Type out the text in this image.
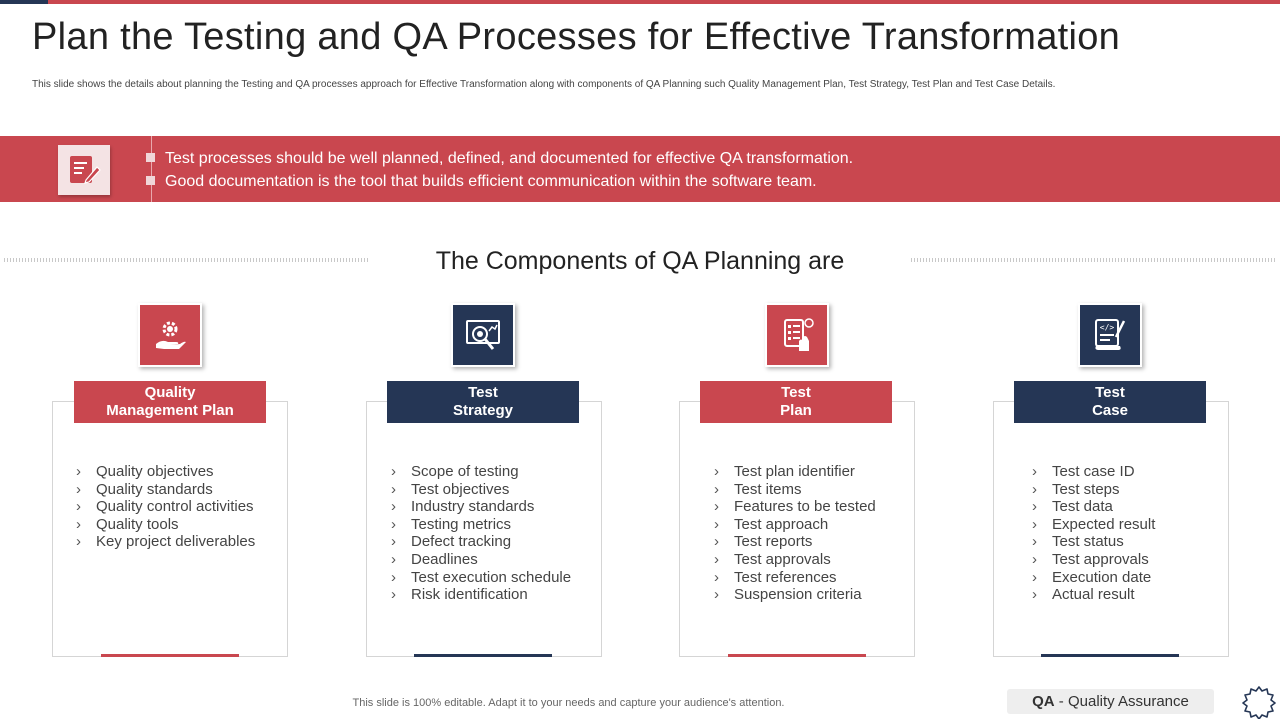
Plan the Testing and QA Processes for Effective Transformation
This slide shows the details about planning the Testing and QA processes approach for Effective Transformation along with components of QA Planning such Quality Management Plan, Test Strategy, Test Plan and Test Case Details.
Test processes should be well planned, defined, and documented for effective QA transformation.
Good documentation is the tool that builds efficient communication within the software team.
The Components of QA Planning are
Quality
Management Plan
› Quality objectives
› Quality standards
› Quality control activities
› Quality tools
› Key project deliverables
Test
Strategy
› Scope of testing
› Test objectives
› Industry standards
› Testing metrics
› Defect tracking
› Deadlines
› Test execution schedule
› Risk identification
Test
Plan
› Test plan identifier
› Test items
› Features to be tested
› Test approach
› Test reports
› Test approvals
› Test references
› Suspension criteria
</>
Test
Case
› Test case ID
› Test steps
› Test data
› Expected result
› Test status
› Test approvals
› Execution date
› Actual result
This slide is 100% editable. Adapt it to your needs and capture your audience's attention.	QA - Quality Assurance
